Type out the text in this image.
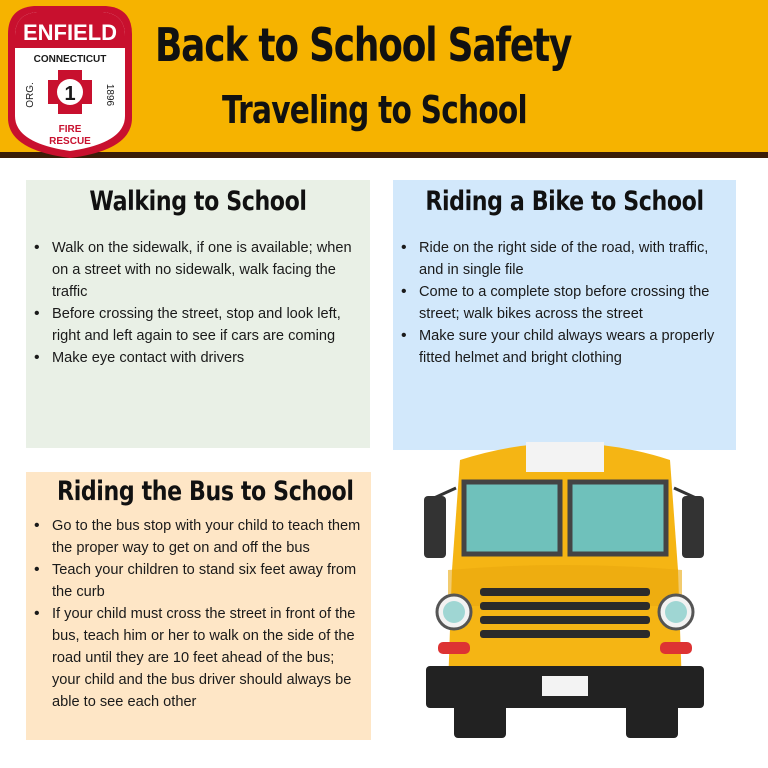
ENFIELD
CONNECTICUT
1
ORG.	1896
FIRE
RESCUE
Back to School Safety
Traveling to School
Walking to School
• Walk on the sidewalk, if one is available; when on a street with no sidewalk, walk facing the traffic
• Before crossing the street, stop and look left, right and left again to see if cars are coming
• Make eye contact with drivers
Riding a Bike to School
• Ride on the right side of the road, with traffic, and in single file
• Come to a complete stop before crossing the street; walk bikes across the street
• Make sure your child always wears a properly fitted helmet and bright clothing
Riding the Bus to School
• Go to the bus stop with your child to teach them the proper way to get on and off the bus
• Teach your children to stand six feet away from the curb
• If your child must cross the street in front of the bus, teach him or her to walk on the side of the road until they are 10 feet ahead of the bus; your child and the bus driver should always be able to see each other
